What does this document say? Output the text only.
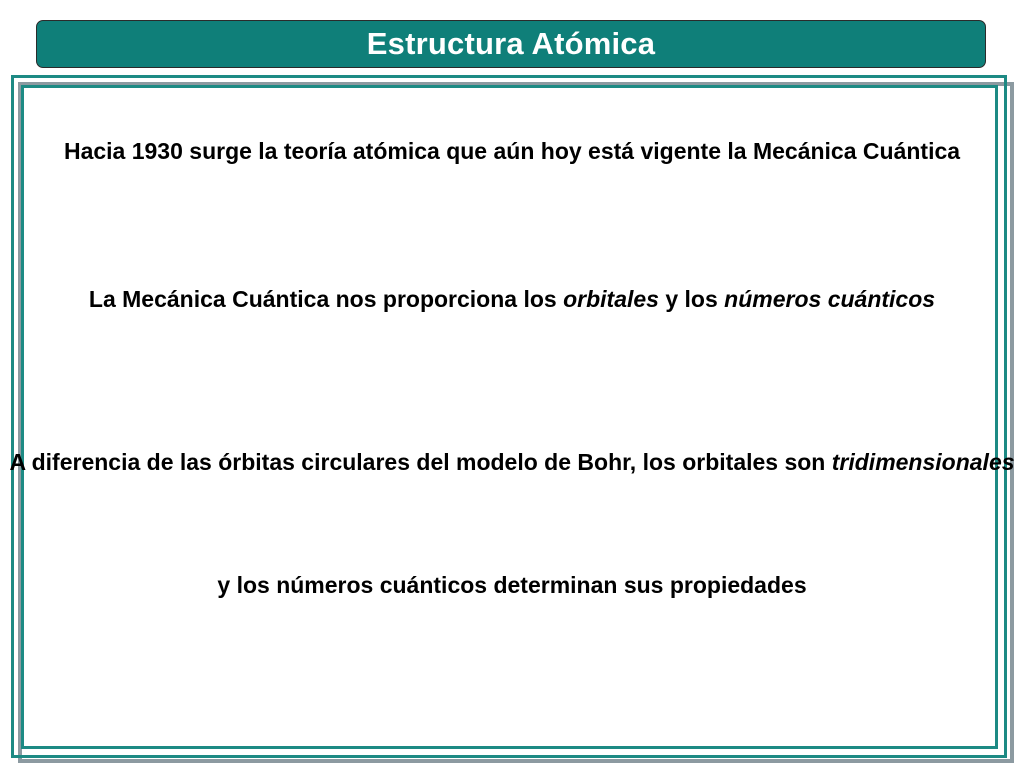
Estructura Atómica
Hacia 1930 surge la teoría atómica que aún hoy está vigente la Mecánica Cuántica
La Mecánica Cuántica nos proporciona los orbitales y los números cuánticos
A diferencia de las órbitas circulares del modelo de Bohr, los orbitales son tridimensionales
y los números cuánticos determinan sus propiedades
